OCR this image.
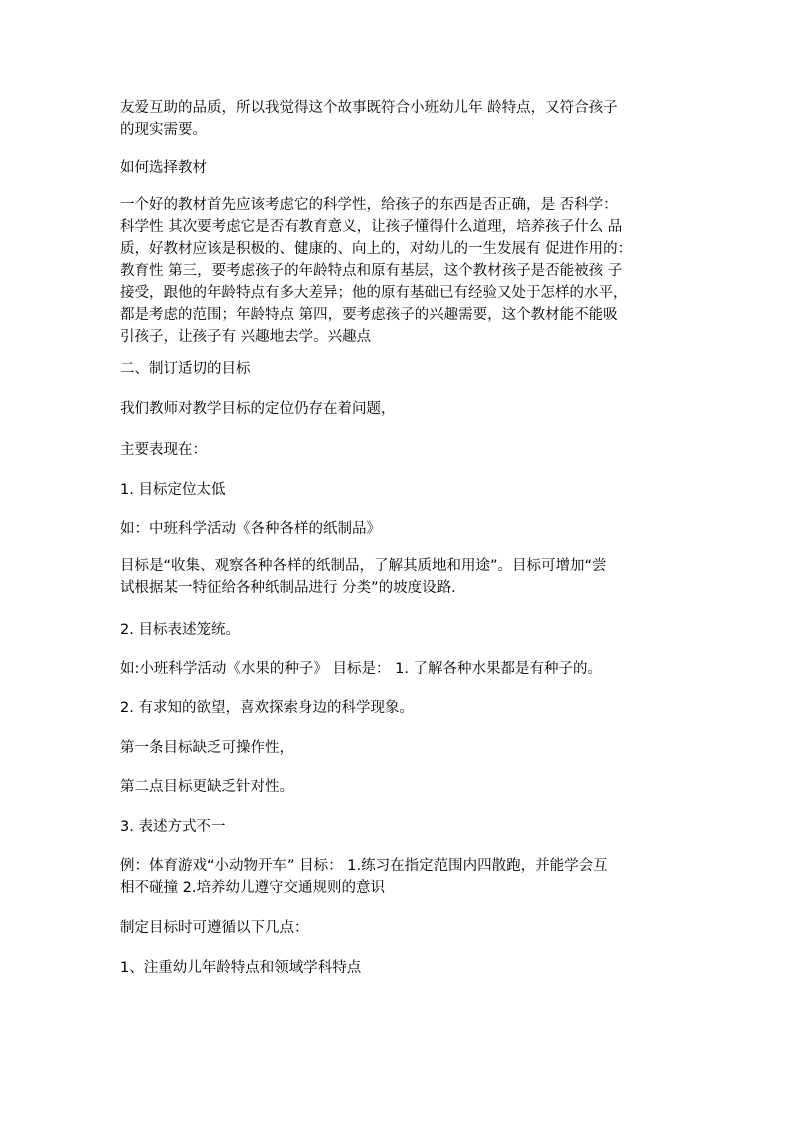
友爱互助的品质，所以我觉得这个故事既符合小班幼儿年 龄特点，又符合孩子
的现实需要。
如何选择教材
一个好的教材首先应该考虑它的科学性，给孩子的东西是否正确，是 否科学：
科学性 其次要考虑它是否有教育意义，让孩子懂得什么道理，培养孩子什么 品
质，好教材应该是积极的、健康的、向上的，对幼儿的一生发展有 促进作用的：
教育性 第三，要考虑孩子的年龄特点和原有基层，这个教材孩子是否能被孩 子
接受，跟他的年龄特点有多大差异；他的原有基础已有经验又处于怎样的水平，
都是考虑的范围；年龄特点 第四，要考虑孩子的兴趣需要，这个教材能不能吸
引孩子，让孩子有 兴趣地去学。兴趣点
二、制订适切的目标
我们教师对教学目标的定位仍存在着问题，
主要表现在：
1. 目标定位太低
如：中班科学活动《各种各样的纸制品》
目标是“收集、观察各种各样的纸制品，了解其质地和用途”。目标可增加“尝
试根据某一特征给各种纸制品进行 分类”的坡度设路.
2. 目标表述笼统。
如:小班科学活动《水果的种子》 目标是： 1. 了解各种水果都是有种子的。
2. 有求知的欲望，喜欢探索身边的科学现象。
第一条目标缺乏可操作性，
第二点目标更缺乏针对性。
3. 表述方式不一
例：体育游戏“小动物开车” 目标： 1.练习在指定范围内四散跑，并能学会互
相不碰撞 2.培养幼儿遵守交通规则的意识
制定目标时可遵循以下几点：
1、注重幼儿年龄特点和领域学科特点
